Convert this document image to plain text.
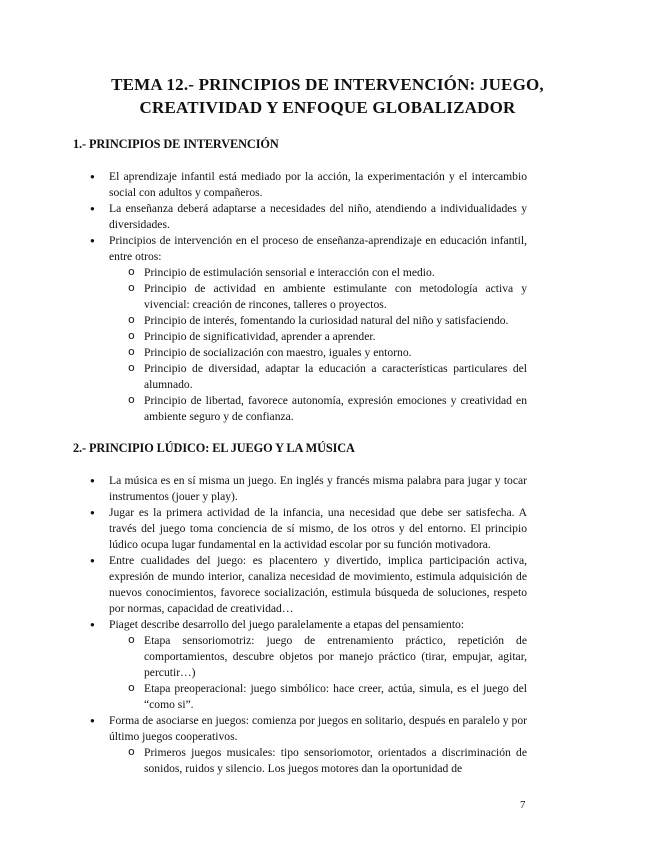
TEMA 12.- PRINCIPIOS DE INTERVENCIÓN: JUEGO,
CREATIVIDAD Y ENFOQUE GLOBALIZADOR
1.- PRINCIPIOS DE INTERVENCIÓN
● El aprendizaje infantil está mediado por la acción, la experimentación y el intercambio social con adultos y compañeros.
● La enseñanza deberá adaptarse a necesidades del niño, atendiendo a individualidades y diversidades.
● Principios de intervención en el proceso de enseñanza-aprendizaje en educación infantil, entre otros:
o Principio de estimulación sensorial e interacción con el medio.
o Principio de actividad en ambiente estimulante con metodología activa y vivencial: creación de rincones, talleres o proyectos.
o Principio de interés, fomentando la curiosidad natural del niño y satisfaciendo.
o Principio de significatividad, aprender a aprender.
o Principio de socialización con maestro, iguales y entorno.
o Principio de diversidad, adaptar la educación a características particulares del alumnado.
o Principio de libertad, favorece autonomía, expresión emociones y creatividad en ambiente seguro y de confianza.
2.- PRINCIPIO LÚDICO: EL JUEGO Y LA MÚSICA
● La música es en sí misma un juego. En inglés y francés misma palabra para jugar y tocar instrumentos (jouer y play).
● Jugar es la primera actividad de la infancia, una necesidad que debe ser satisfecha. A través del juego toma conciencia de sí mismo, de los otros y del entorno. El principio lúdico ocupa lugar fundamental en la actividad escolar por su función motivadora.
● Entre cualidades del juego: es placentero y divertido, implica participación activa, expresión de mundo interior, canaliza necesidad de movimiento, estimula adquisición de nuevos conocimientos, favorece socialización, estimula búsqueda de soluciones, respeto por normas, capacidad de creatividad…
● Piaget describe desarrollo del juego paralelamente a etapas del pensamiento:
o Etapa sensoriomotriz: juego de entrenamiento práctico, repetición de comportamientos, descubre objetos por manejo práctico (tirar, empujar, agitar, percutir…)
o Etapa preoperacional: juego simbólico: hace creer, actúa, simula, es el juego del “como si”.
● Forma de asociarse en juegos: comienza por juegos en solitario, después en paralelo y por último juegos cooperativos.
o Primeros juegos musicales: tipo sensoriomotor, orientados a discriminación de sonidos, ruidos y silencio. Los juegos motores dan la oportunidad de
7
